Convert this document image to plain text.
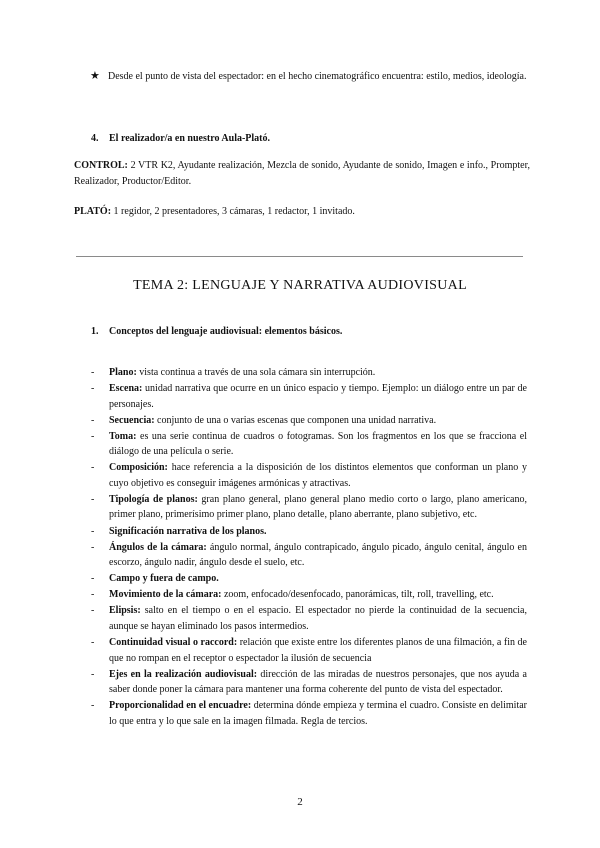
★ Desde el punto de vista del espectador: en el hecho cinematográfico encuentra: estilo, medios, ideología.
4. El realizador/a en nuestro Aula-Plató.
CONTROL: 2 VTR K2, Ayudante realización, Mezcla de sonido, Ayudante de sonido, Imagen e info., Prompter, Realizador, Productor/Editor.
PLATÓ: 1 regidor, 2 presentadores, 3 cámaras, 1 redactor, 1 invitado.
TEMA 2: LENGUAJE Y NARRATIVA AUDIOVISUAL
1. Conceptos del lenguaje audiovisual: elementos básicos.
- Plano: vista continua a través de una sola cámara sin interrupción.
- Escena: unidad narrativa que ocurre en un único espacio y tiempo. Ejemplo: un diálogo entre un par de personajes.
- Secuencia: conjunto de una o varias escenas que componen una unidad narrativa.
- Toma: es una serie continua de cuadros o fotogramas. Son los fragmentos en los que se fracciona el diálogo de una película o serie.
- Composición: hace referencia a la disposición de los distintos elementos que conforman un plano y cuyo objetivo es conseguir imágenes armónicas y atractivas.
- Tipología de planos: gran plano general, plano general plano medio corto o largo, plano americano, primer plano, primerísimo primer plano, plano detalle, plano aberrante, plano subjetivo, etc.
- Significación narrativa de los planos.
- Ángulos de la cámara: ángulo normal, ángulo contrapicado, ángulo picado, ángulo cenital, ángulo en escorzo, ángulo nadir, ángulo desde el suelo, etc.
- Campo y fuera de campo.
- Movimiento de la cámara: zoom, enfocado/desenfocado, panorámicas, tilt, roll, travelling, etc.
- Elipsis: salto en el tiempo o en el espacio. El espectador no pierde la continuidad de la secuencia, aunque se hayan eliminado los pasos intermedios.
- Continuidad visual o raccord: relación que existe entre los diferentes planos de una filmación, a fin de que no rompan en el receptor o espectador la ilusión de secuencia
- Ejes en la realización audiovisual: dirección de las miradas de nuestros personajes, que nos ayuda a saber donde poner la cámara para mantener una forma coherente del punto de vista del espectador.
- Proporcionalidad en el encuadre: determina dónde empieza y termina el cuadro. Consiste en delimitar lo que entra y lo que sale en la imagen filmada. Regla de tercios.
2
